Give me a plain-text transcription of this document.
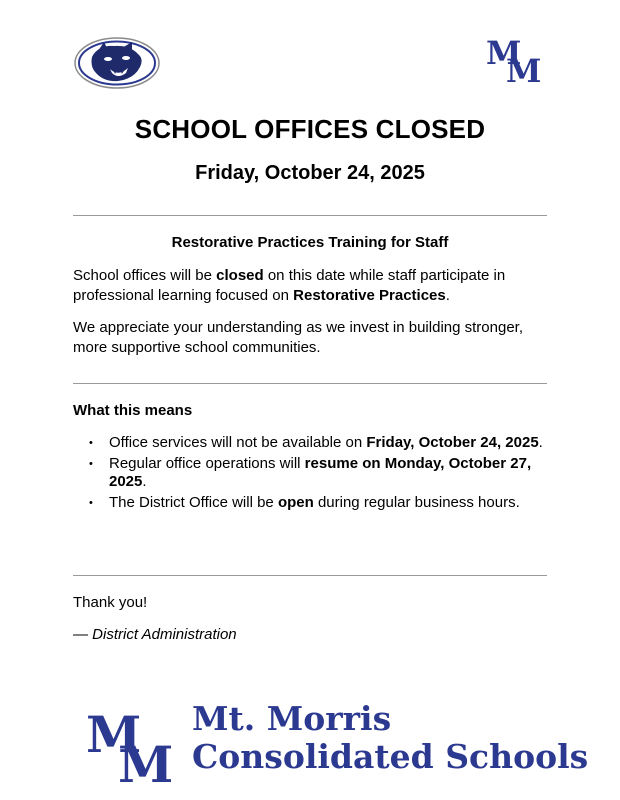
M
M
SCHOOL OFFICES CLOSED
Friday, October 24, 2025
Restorative Practices Training for Staff
School offices will be closed on this date while staff participate in professional learning focused on Restorative Practices.
We appreciate your understanding as we invest in building stronger, more supportive school communities.
What this means
• Office services will not be available on Friday, October 24, 2025.
• Regular office operations will resume on Monday, October 27, 2025.
• The District Office will be open during regular business hours.
Thank you!
— District Administration
M
M
Mt. Morris
Consolidated Schools
